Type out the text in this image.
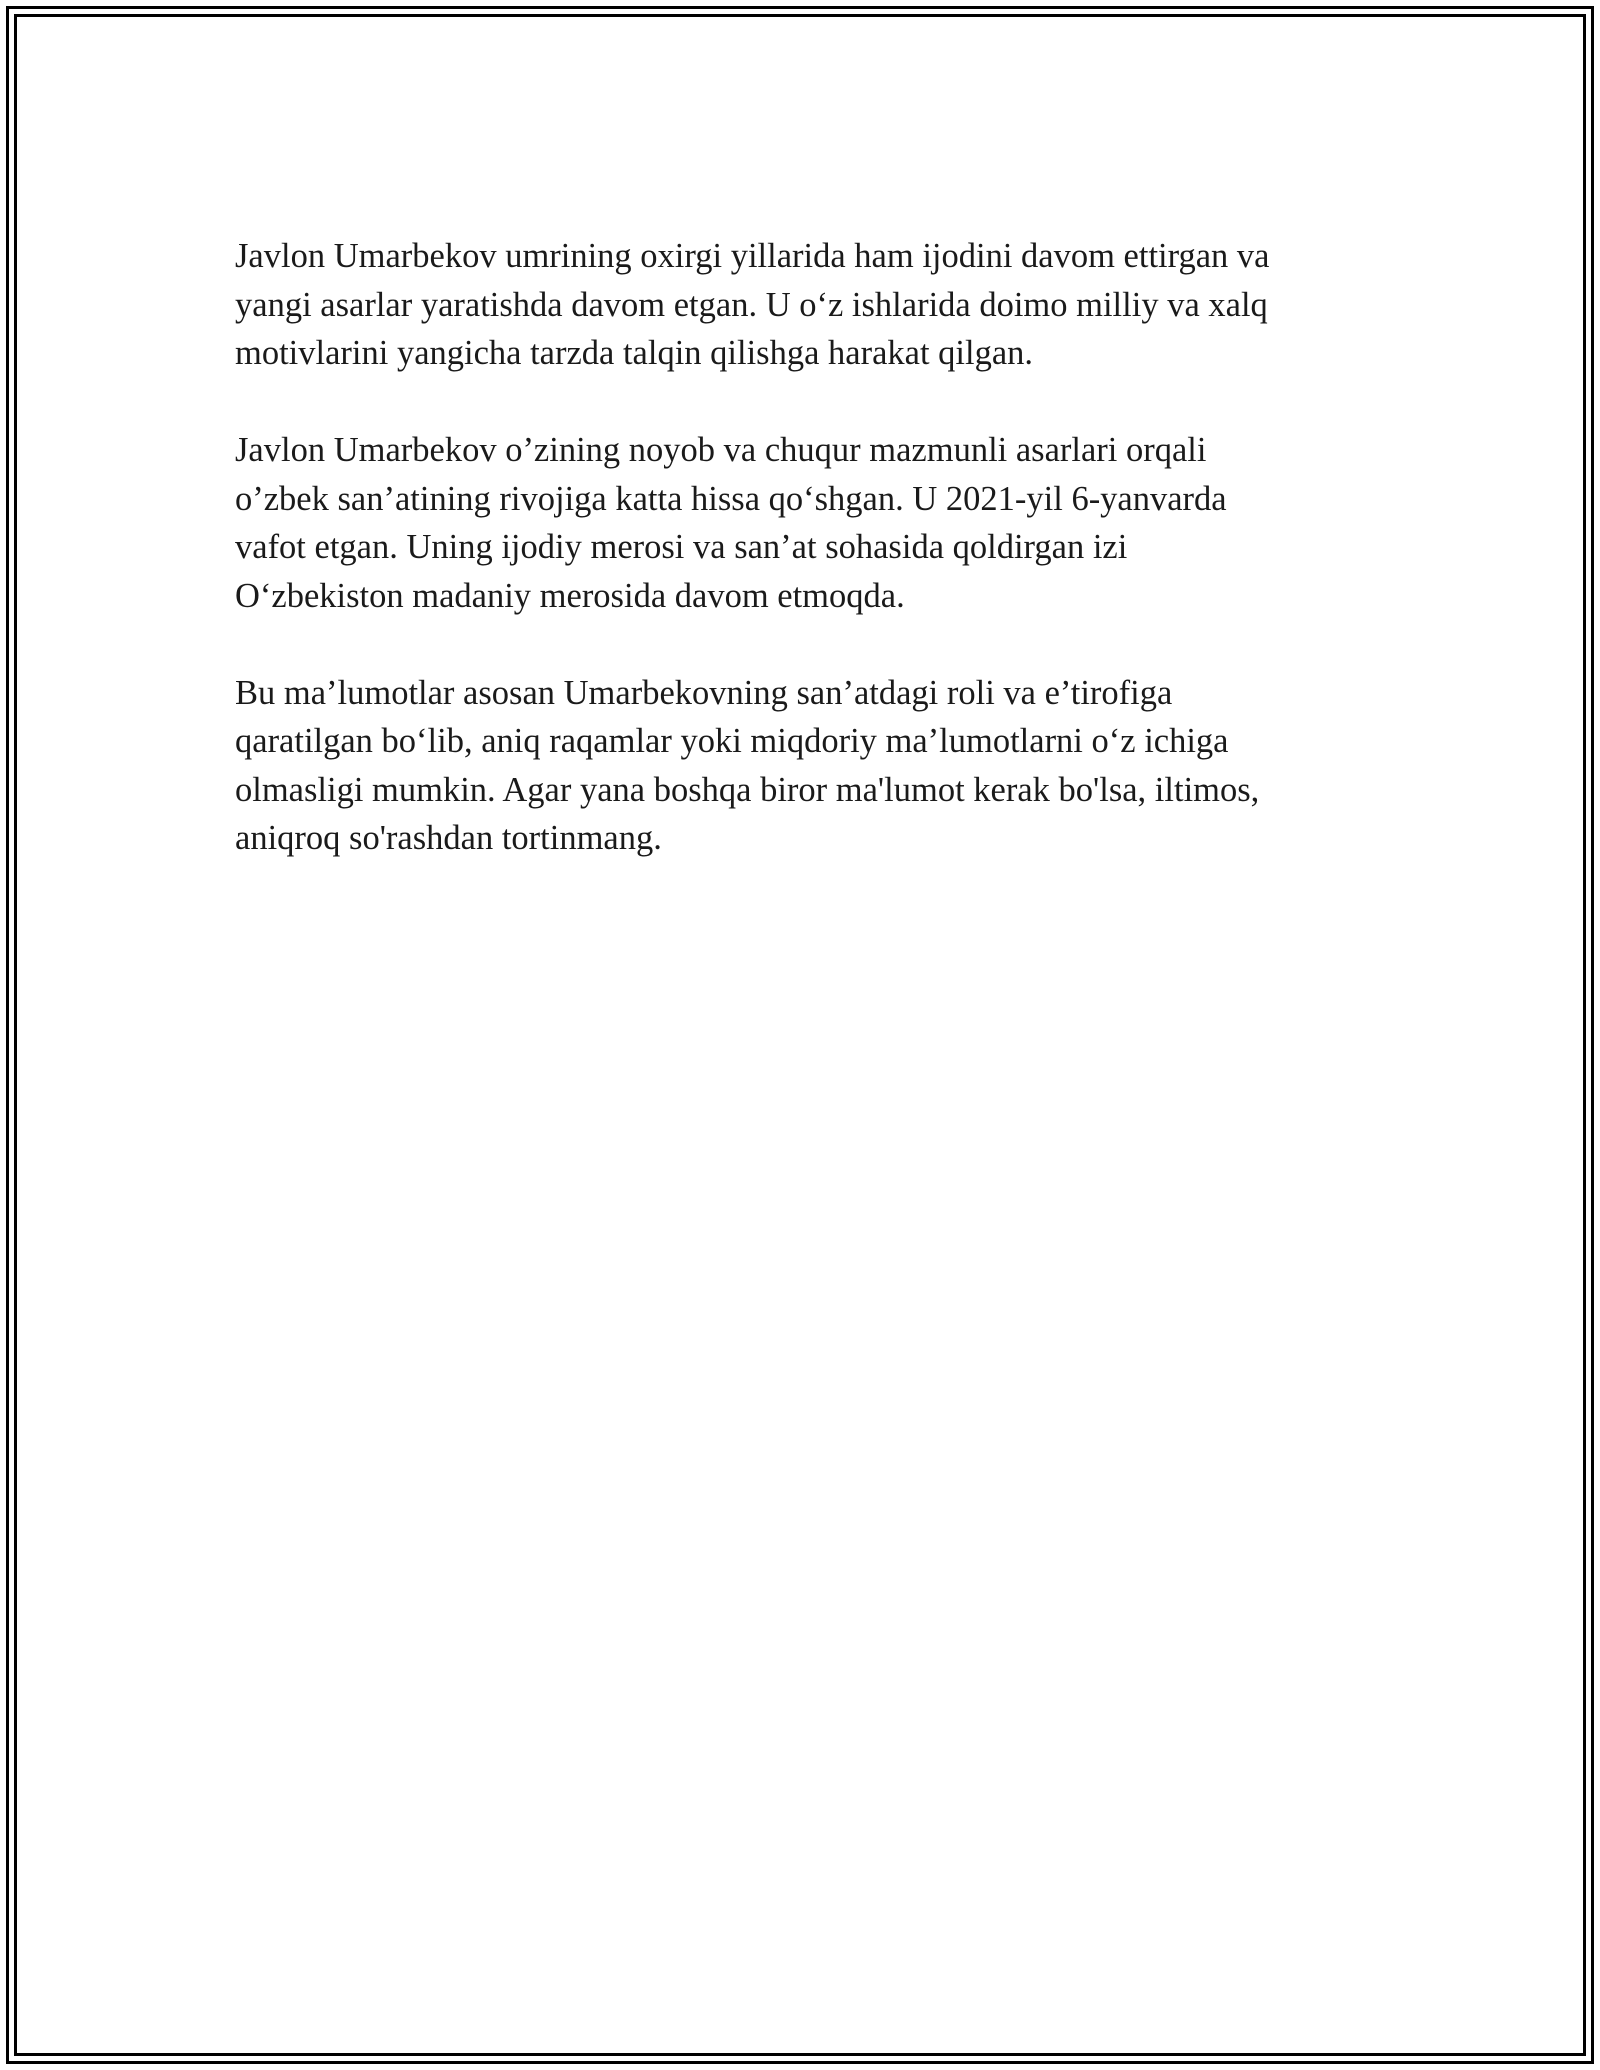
Javlon Umarbekov umrining oxirgi yillarida ham ijodini davom ettirgan va
yangi asarlar yaratishda davom etgan. U o‘z ishlarida doimo milliy va xalq
motivlarini yangicha tarzda talqin qilishga harakat qilgan.

Javlon Umarbekov o’zining noyob va chuqur mazmunli asarlari orqali
o’zbek san’atining rivojiga katta hissa qo‘shgan. U 2021-yil 6-yanvarda
vafot etgan. Uning ijodiy merosi va san’at sohasida qoldirgan izi
O‘zbekiston madaniy merosida davom etmoqda.

Bu ma’lumotlar asosan Umarbekovning san’atdagi roli va e’tirofiga
qaratilgan bo‘lib, aniq raqamlar yoki miqdoriy ma’lumotlarni o‘z ichiga
olmasligi mumkin. Agar yana boshqa biror ma'lumot kerak bo'lsa, iltimos,
aniqroq so'rashdan tortinmang.
